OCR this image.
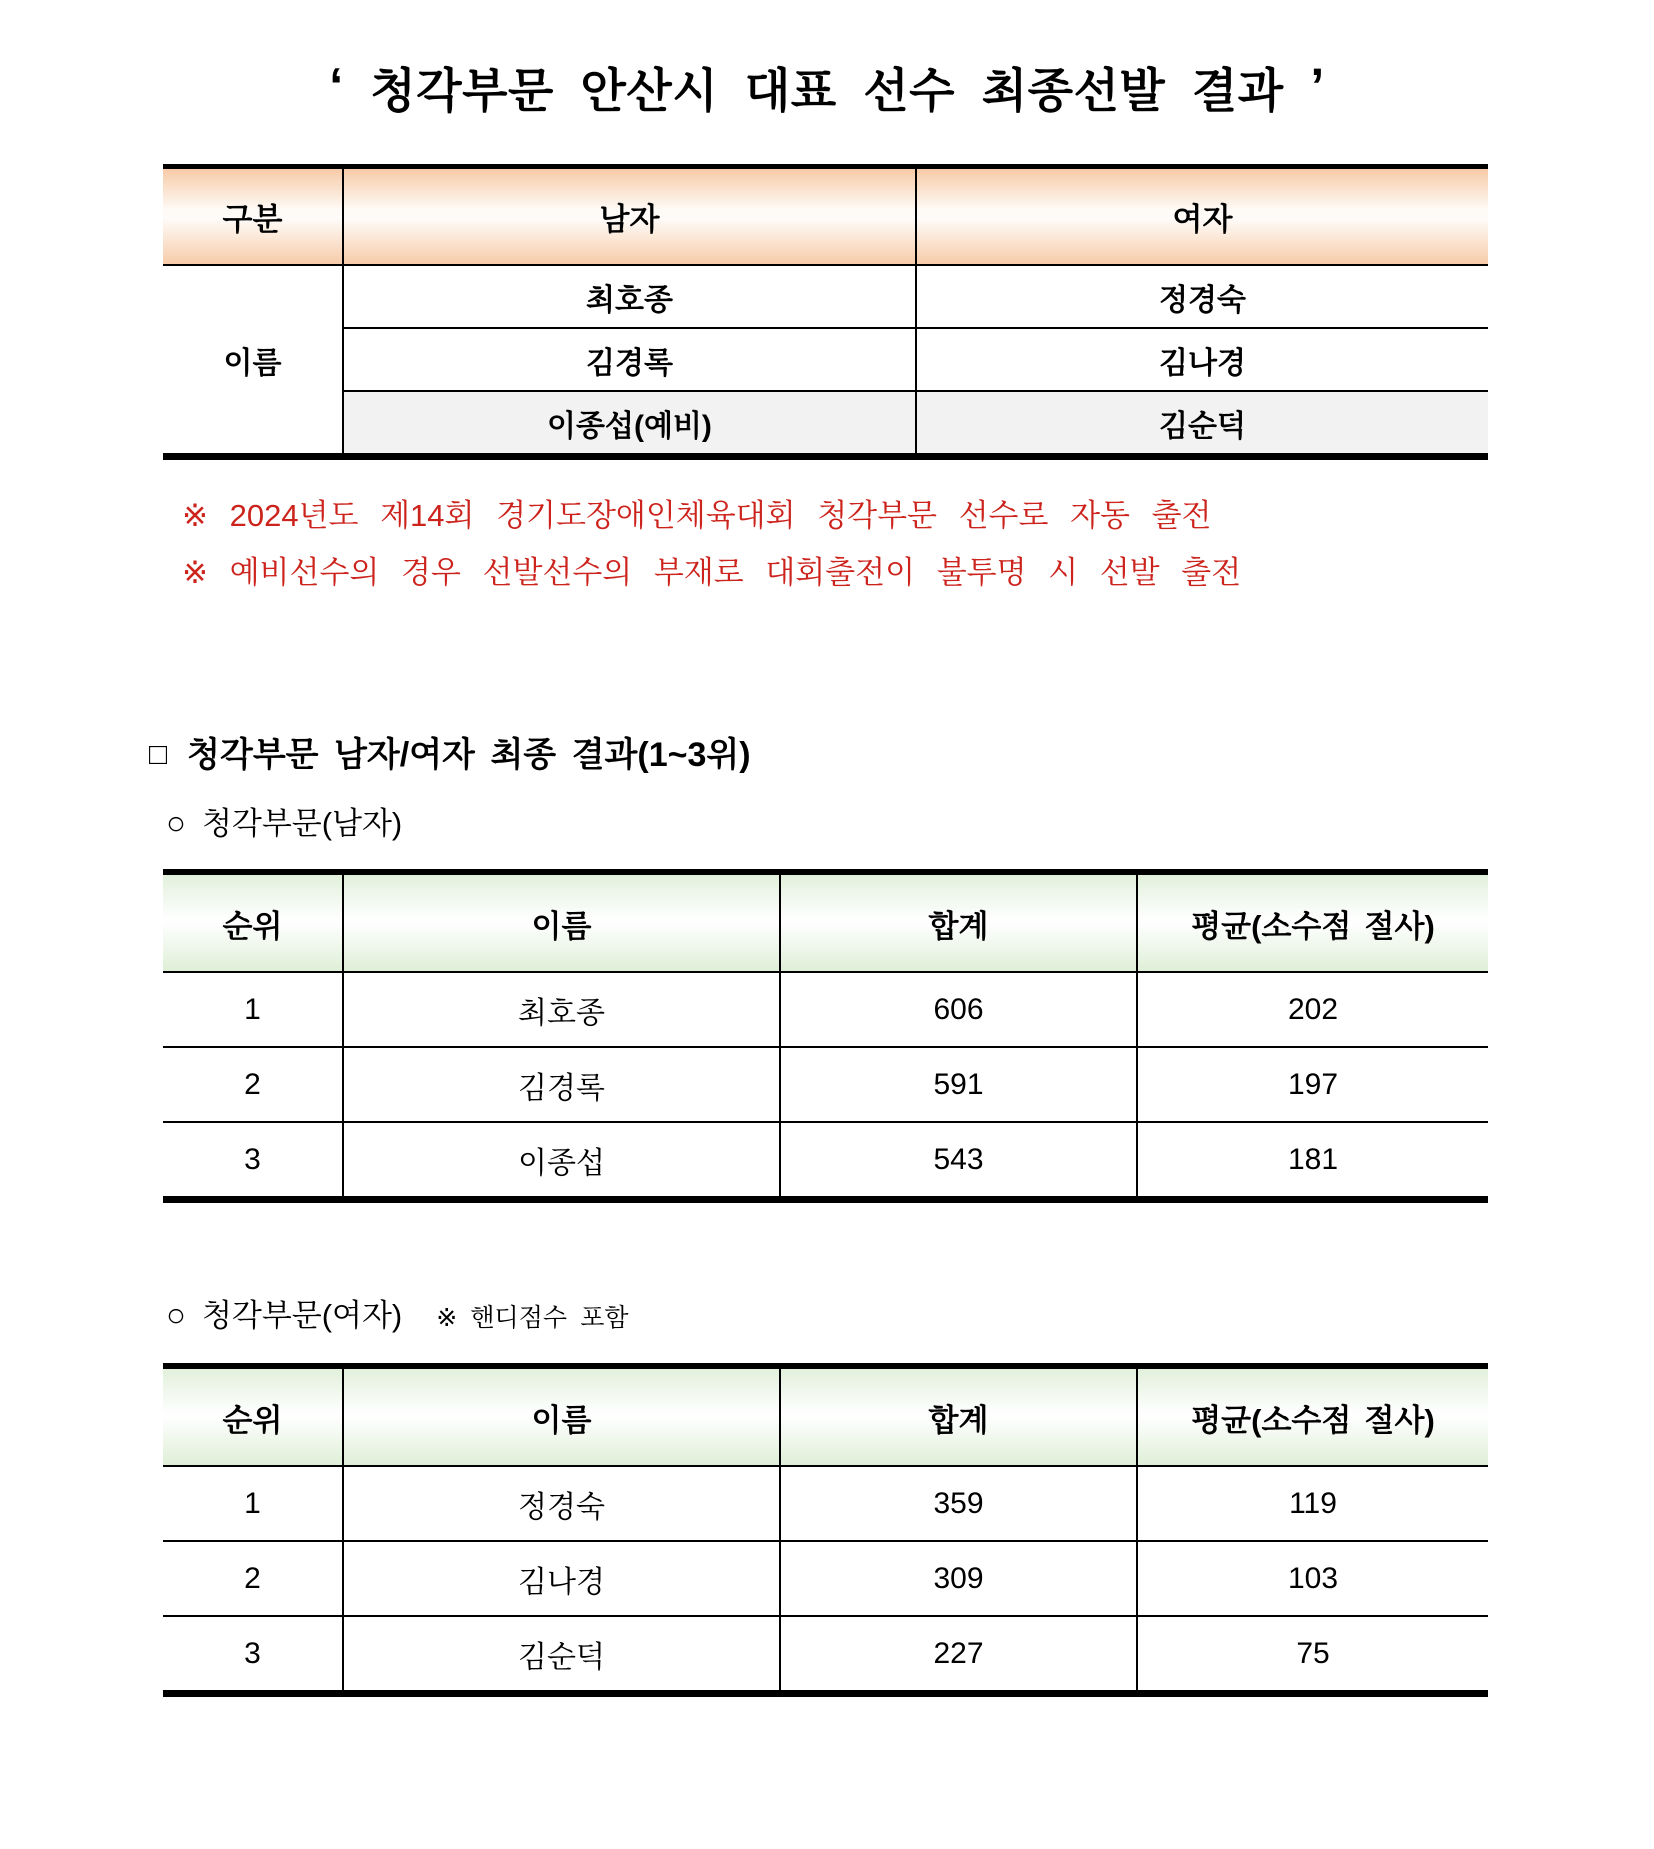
‘ 청각부문 안산시 대표 선수 최종선발 결과 ’
구분	남자	여자
이름	최호종	정경숙
	김경록	김나경
	이종섭(예비)	김순덕

※ 2024년도 제14회 경기도장애인체육대회 청각부문 선수로 자동 출전

※ 예비선수의 경우 선발선수의 부재로 대회출전이 불투명 시 선발 출전

□ 청각부문 남자/여자 최종 결과(1~3위)
○ 청각부문(남자)
순위	이름	합계	평균(소수점 절사)
1	최호종	606	202
2	김경록	591	197
3	이종섭	543	181
○ 청각부문(여자) ※ 핸디점수 포함
순위	이름	합계	평균(소수점 절사)
1	정경숙	359	119
2	김나경	309	103
3	김순덕	227	75
